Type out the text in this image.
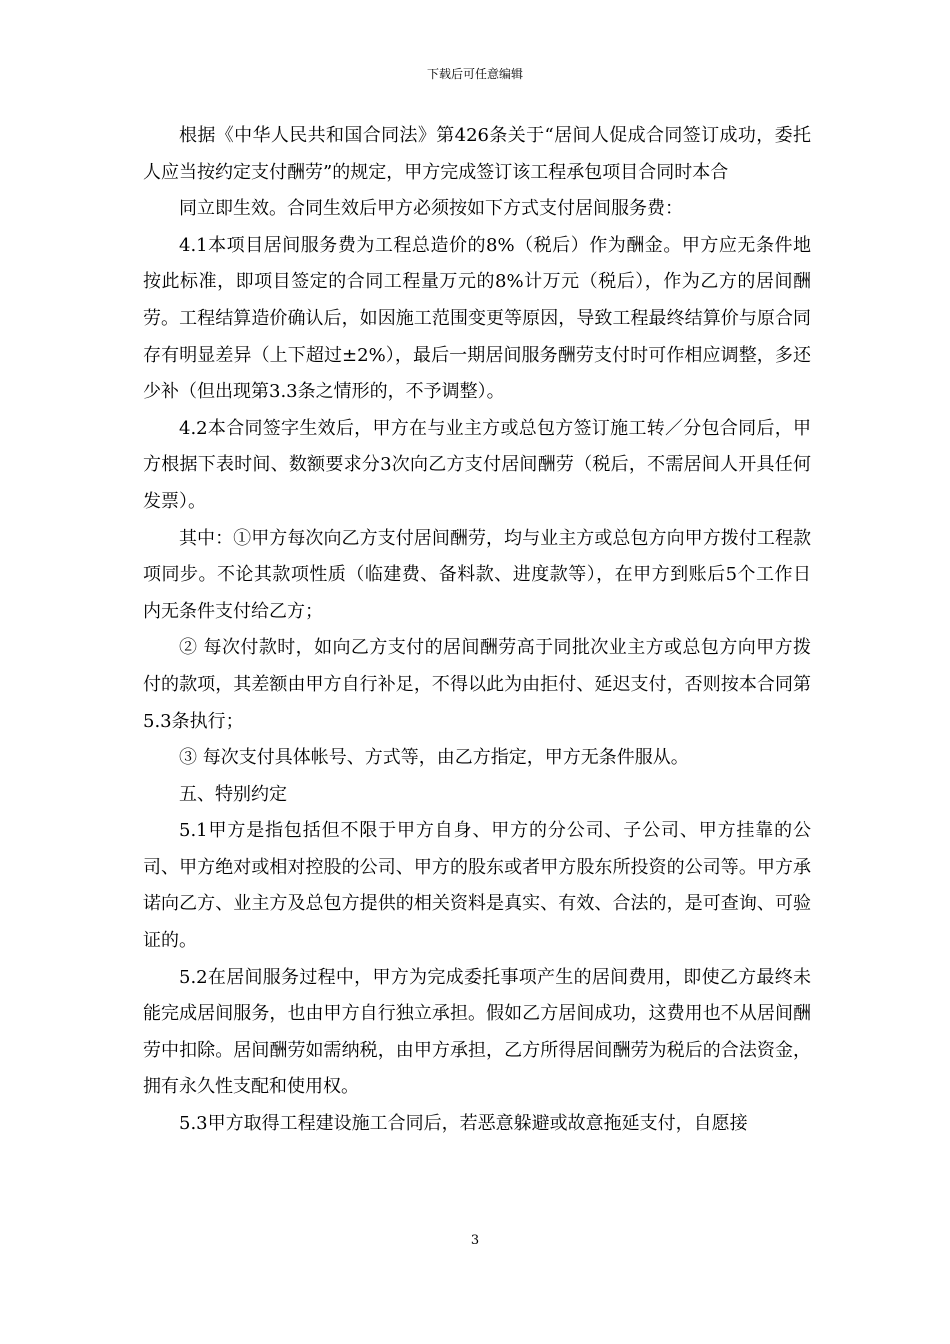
下载后可任意编辑

根据《中华人民共和国合同法》第426条关于“居间人促成合同签订成功，委托人应当按约定支付酬劳”的规定，甲方完成签订该工程承包项目合同时本合

同立即生效。合同生效后甲方必须按如下方式支付居间服务费：

4.1本项目居间服务费为工程总造价的8%（税后）作为酬金。甲方应无条件地按此标准，即项目签定的合同工程量万元的8%计万元（税后），作为乙方的居间酬劳。工程结算造价确认后，如因施工范围变更等原因，导致工程最终结算价与原合同存有明显差异（上下超过±2%），最后一期居间服务酬劳支付时可作相应调整，多还少补（但出现第3.3条之情形的，不予调整）。

4.2本合同签字生效后，甲方在与业主方或总包方签订施工转／分包合同后，甲方根据下表时间、数额要求分3次向乙方支付居间酬劳（税后，不需居间人开具任何发票）。

其中：①甲方每次向乙方支付居间酬劳，均与业主方或总包方向甲方拨付工程款项同步。不论其款项性质（临建费、备料款、进度款等），在甲方到账后5个工作日内无条件支付给乙方；

② 每次付款时，如向乙方支付的居间酬劳高于同批次业主方或总包方向甲方拨付的款项，其差额由甲方自行补足，不得以此为由拒付、延迟支付，否则按本合同第5.3条执行；

③ 每次支付具体帐号、方式等，由乙方指定，甲方无条件服从。

五、特别约定

5.1甲方是指包括但不限于甲方自身、甲方的分公司、子公司、甲方挂靠的公司、甲方绝对或相对控股的公司、甲方的股东或者甲方股东所投资的公司等。甲方承诺向乙方、业主方及总包方提供的相关资料是真实、有效、合法的，是可查询、可验证的。

5.2在居间服务过程中，甲方为完成委托事项产生的居间费用，即使乙方最终未能完成居间服务，也由甲方自行独立承担。假如乙方居间成功，这费用也不从居间酬劳中扣除。居间酬劳如需纳税，由甲方承担，乙方所得居间酬劳为税后的合法资金，拥有永久性支配和使用权。

5.3甲方取得工程建设施工合同后，若恶意躲避或故意拖延支付，自愿接

3
